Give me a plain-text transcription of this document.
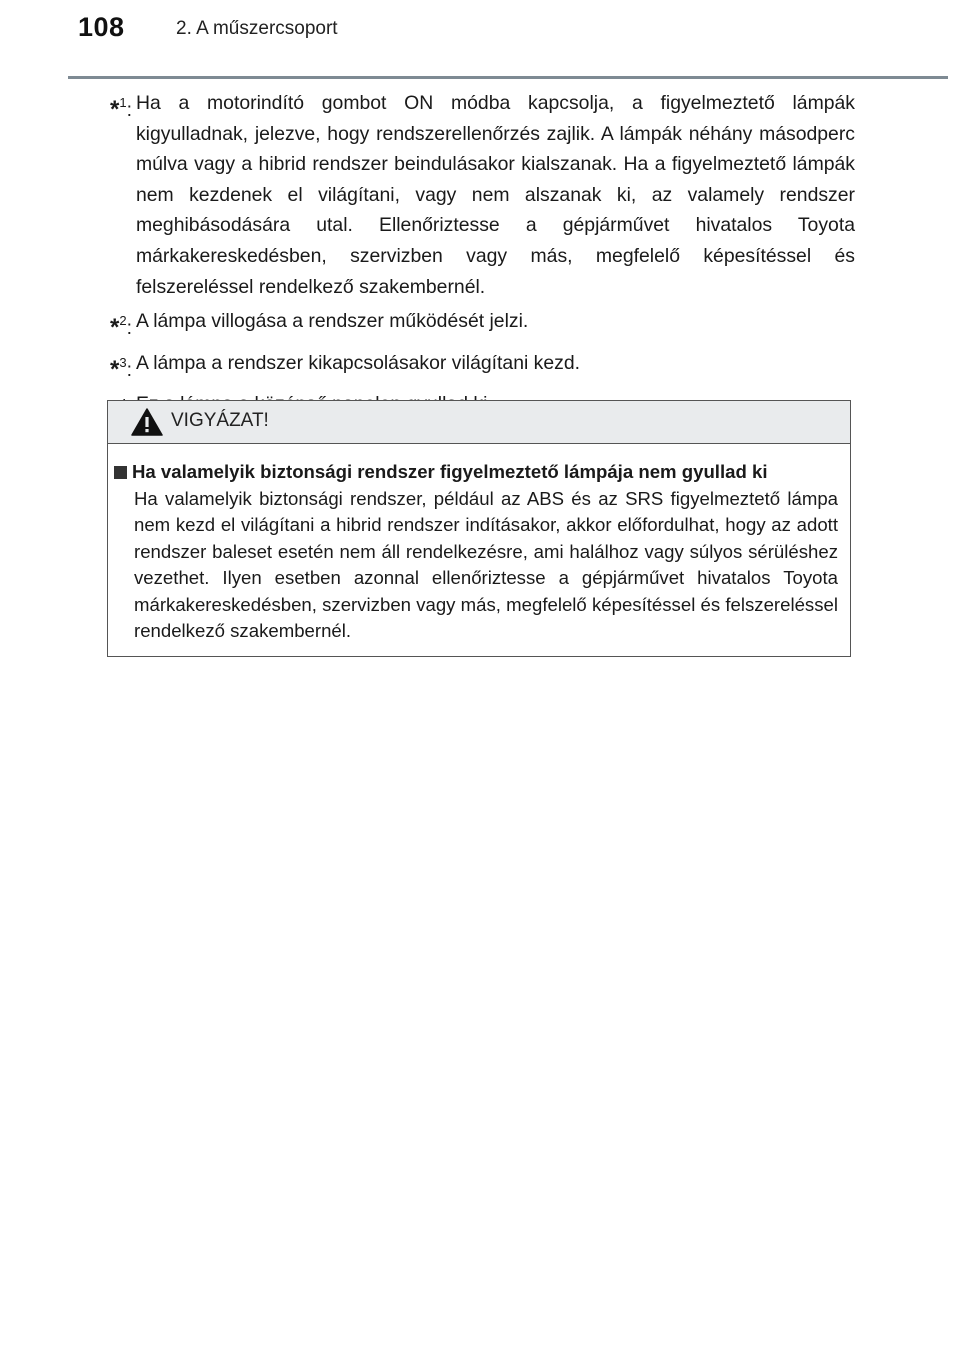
108	2. A műszercsoport
*$^1$: Ha a motorindító gombot ON módba kapcsolja, a figyelmeztető lámpák kigyulladnak, jelezve, hogy rendszerellenőrzés zajlik. A lámpák néhány másodperc múlva vagy a hibrid rendszer beindulásakor kialszanak. Ha a figyelmeztető lámpák nem kezdenek el világítani, vagy nem alszanak ki, az valamely rendszer meghibásodására utal. Ellenőriztesse a gépjárművet hivatalos Toyota márkakereskedésben, szervizben vagy más, megfelelő képesítéssel és felszereléssel rendelkező szakembernél.
*$^2$: A lámpa villogása a rendszer működését jelzi.
*$^3$: A lámpa a rendszer kikapcsolásakor világítani kezd.
VIGYÁZAT!
Ha valamelyik biztonsági rendszer figyelmeztető lámpája nem gyullad ki
Ha valamelyik biztonsági rendszer, például az ABS és az SRS figyelmeztető lámpa nem kezd el világítani a hibrid rendszer indításakor, akkor előfordulhat, hogy az adott rendszer baleset esetén nem áll rendelkezésre, ami halálhoz vagy súlyos sérüléshez vezethet. Ilyen esetben azonnal ellenőriztesse a gépjárművet hivatalos Toyota márkakereskedésben, szervizben vagy más, megfelelő képesítéssel és felszereléssel rendelkező szakembernél.
